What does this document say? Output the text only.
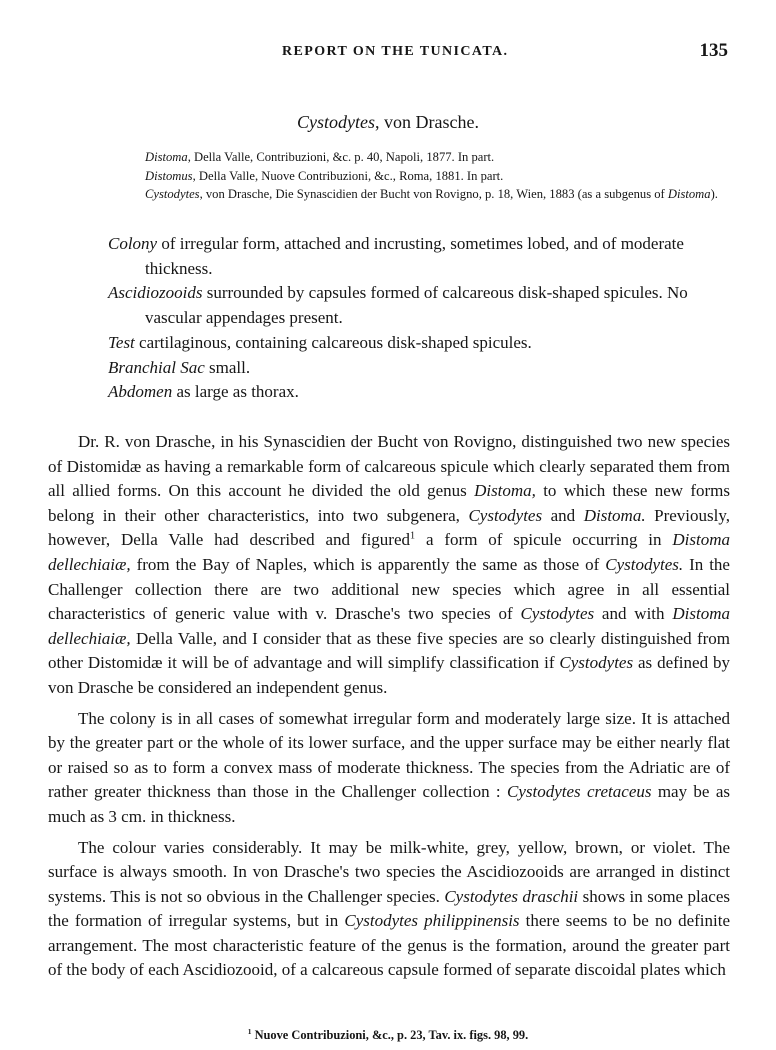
REPORT ON THE TUNICATA.	135
Cystodytes, von Drasche.
Distoma, Della Valle, Contribuzioni, &c. p. 40, Napoli, 1877. In part.
Distomus, Della Valle, Nuove Contribuzioni, &c., Roma, 1881. In part.
Cystodytes, von Drasche, Die Synascidien der Bucht von Rovigno, p. 18, Wien, 1883 (as a subgenus of Distoma).
Colony of irregular form, attached and incrusting, sometimes lobed, and of moderate thickness.
Ascidiozooids surrounded by capsules formed of calcareous disk-shaped spicules. No vascular appendages present.
Test cartilaginous, containing calcareous disk-shaped spicules.
Branchial Sac small.
Abdomen as large as thorax.

Dr. R. von Drasche, in his Synascidien der Bucht von Rovigno, distinguished two new species of Distomidæ as having a remarkable form of calcareous spicule which clearly separated them from all allied forms. On this account he divided the old genus Distoma, to which these new forms belong in their other characteristics, into two subgenera, Cystodytes and Distoma. Previously, however, Della Valle had described and figured$^1$ a form of spicule occurring in Distoma dellechiaiæ, from the Bay of Naples, which is apparently the same as those of Cystodytes. In the Challenger collection there are two additional new species which agree in all essential characteristics of generic value with v. Drasche's two species of Cystodytes and with Distoma dellechiaiæ, Della Valle, and I consider that as these five species are so clearly distinguished from other Distomidæ it will be of advantage and will simplify classification if Cystodytes as defined by von Drasche be considered an independent genus.

The colony is in all cases of somewhat irregular form and moderately large size. It is attached by the greater part or the whole of its lower surface, and the upper surface may be either nearly flat or raised so as to form a convex mass of moderate thickness. The species from the Adriatic are of rather greater thickness than those in the Challenger collection : Cystodytes cretaceus may be as much as 3 cm. in thickness.

The colour varies considerably. It may be milk-white, grey, yellow, brown, or violet. The surface is always smooth. In von Drasche's two species the Ascidiozooids are arranged in distinct systems. This is not so obvious in the Challenger species. Cystodytes draschii shows in some places the formation of irregular systems, but in Cystodytes philippinensis there seems to be no definite arrangement. The most characteristic feature of the genus is the formation, around the greater part of the body of each Ascidiozooid, of a calcareous capsule formed of separate discoidal plates which

$^1$ Nuove Contribuzioni, &c., p. 23, Tav. ix. figs. 98, 99.
